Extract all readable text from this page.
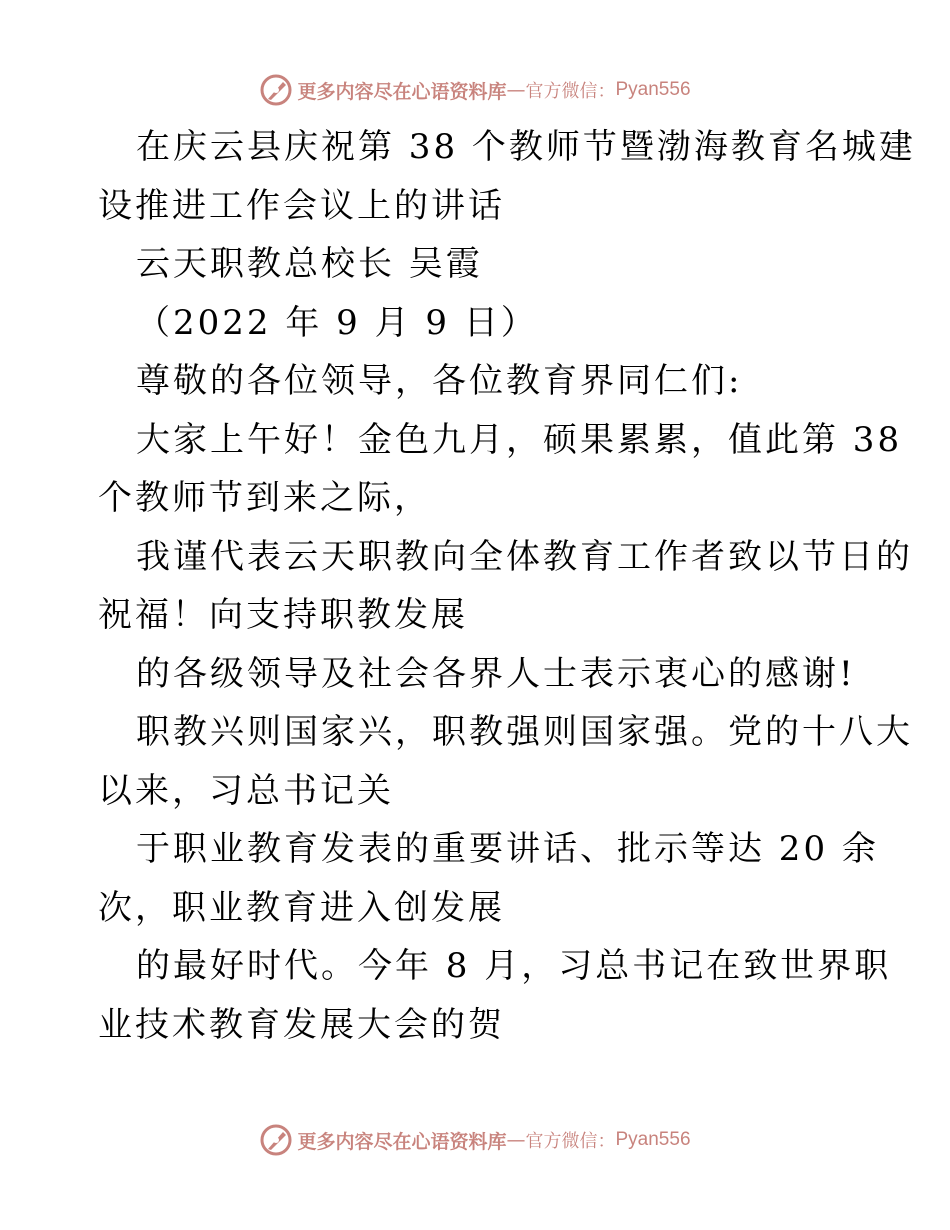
更多内容尽在心语资料库 — 官方微信： Pyan556
在庆云县庆祝第 38 个教师节暨渤海教育名城建
设推进工作会议上的讲话
云天职教总校长 吴霞
（2022 年 9 月 9 日）
尊敬的各位领导，各位教育界同仁们:
大家上午好！金色九月，硕果累累，值此第 38
个教师节到来之际，
我谨代表云天职教向全体教育工作者致以节日的
祝福！向支持职教发展
的各级领导及社会各界人士表示衷心的感谢!
职教兴则国家兴，职教强则国家强。党的十八大
以来，习总书记关
于职业教育发表的重要讲话、批示等达 20 余
次，职业教育进入创发展
的最好时代。今年 8 月，习总书记在致世界职
业技术教育发展大会的贺
更多内容尽在心语资料库 — 官方微信： Pyan556
